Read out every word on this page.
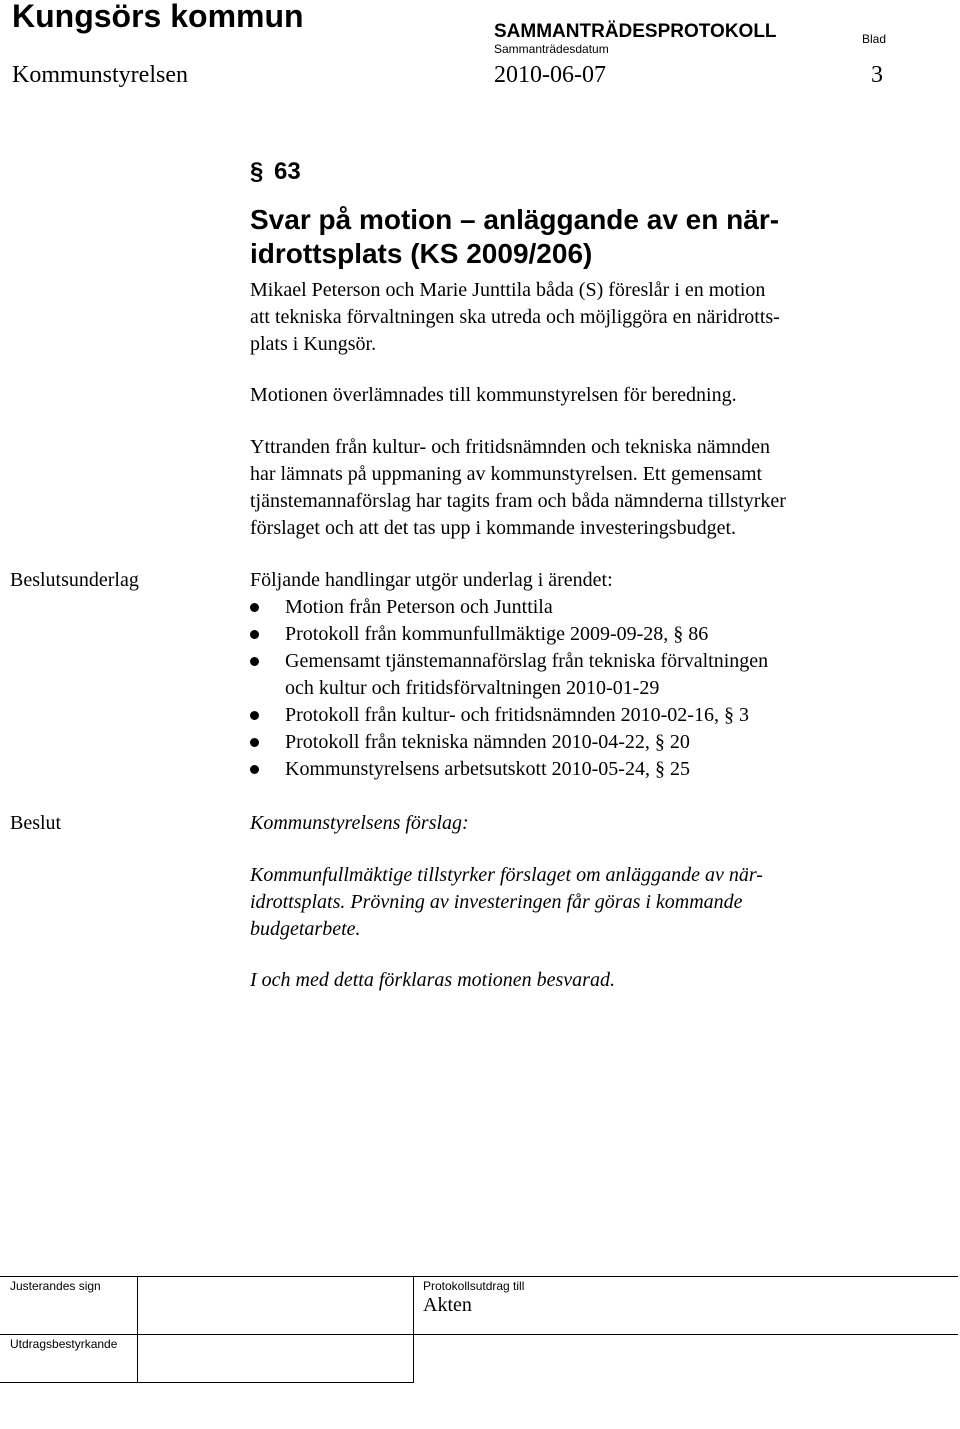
Kungsörs kommun	SAMMANTRÄDESPROTOKOLL
Sammanträdesdatum
Blad
Kommunstyrelsen	2010-06-07	3
§ 63
Svar på motion – anläggande av en när-
idrottsplats (KS 2009/206)
Mikael Peterson och Marie Junttila båda (S) föreslår i en motion
att tekniska förvaltningen ska utreda och möjliggöra en näridrotts-
plats i Kungsör.
Motionen överlämnades till kommunstyrelsen för beredning.
Yttranden från kultur- och fritidsnämnden och tekniska nämnden
har lämnats på uppmaning av kommunstyrelsen. Ett gemensamt
tjänstemannaförslag har tagits fram och båda nämnderna tillstyrker
förslaget och att det tas upp i kommande investeringsbudget.
Beslutsunderlag	Följande handlingar utgör underlag i ärendet:
Motion från Peterson och Junttila
Protokoll från kommunfullmäktige 2009-09-28, § 86
Gemensamt tjänstemannaförslag från tekniska förvaltningen
och kultur och fritidsförvaltningen 2010-01-29
Protokoll från kultur- och fritidsnämnden 2010-02-16, § 3
Protokoll från tekniska nämnden 2010-04-22, § 20
Kommunstyrelsens arbetsutskott 2010-05-24, § 25
Beslut	Kommunstyrelsens förslag:
Kommunfullmäktige tillstyrker förslaget om anläggande av när-
idrottsplats. Prövning av investeringen får göras i kommande
budgetarbete.
I och med detta förklaras motionen besvarad.
Justerandes sign	Protokollsutdrag till
Akten
Utdragsbestyrkande
